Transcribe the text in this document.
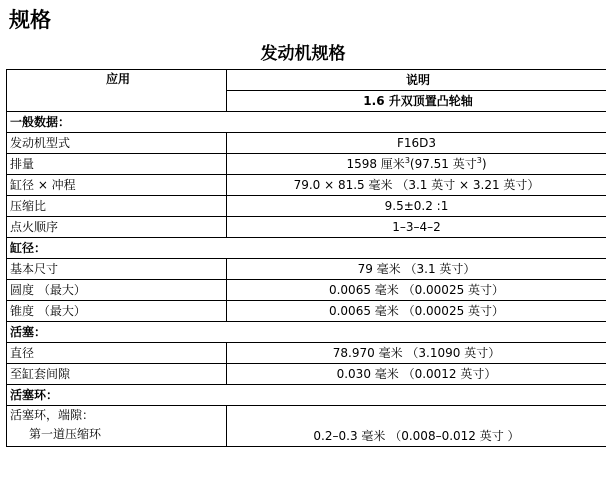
规格
发动机规格
应用	说明
	1.6 升双顶置凸轮轴
一般数据：	
发动机型式	F16D3
排量	1598 厘米$^3$(97.51 英寸$^3$)
缸径 × 冲程	79.0 × 81.5 毫米 （3.1 英寸 × 3.21 英寸）
压缩比	9.5±0.2 :1
点火顺序	1–3–4–2
缸径：	
基本尺寸	79 毫米 （3.1 英寸）
圆度 （最大）	0.0065 毫米 （0.00025 英寸）
锥度 （最大）	0.0065 毫米 （0.00025 英寸）
活塞：	
直径	78.970 毫米 （3.1090 英寸）
至缸套间隙	0.030 毫米 （0.0012 英寸）
活塞环：	

活塞环，端隙：
第一道压缩环	0.2–0.3 毫米 （0.008–0.012 英寸 ）
